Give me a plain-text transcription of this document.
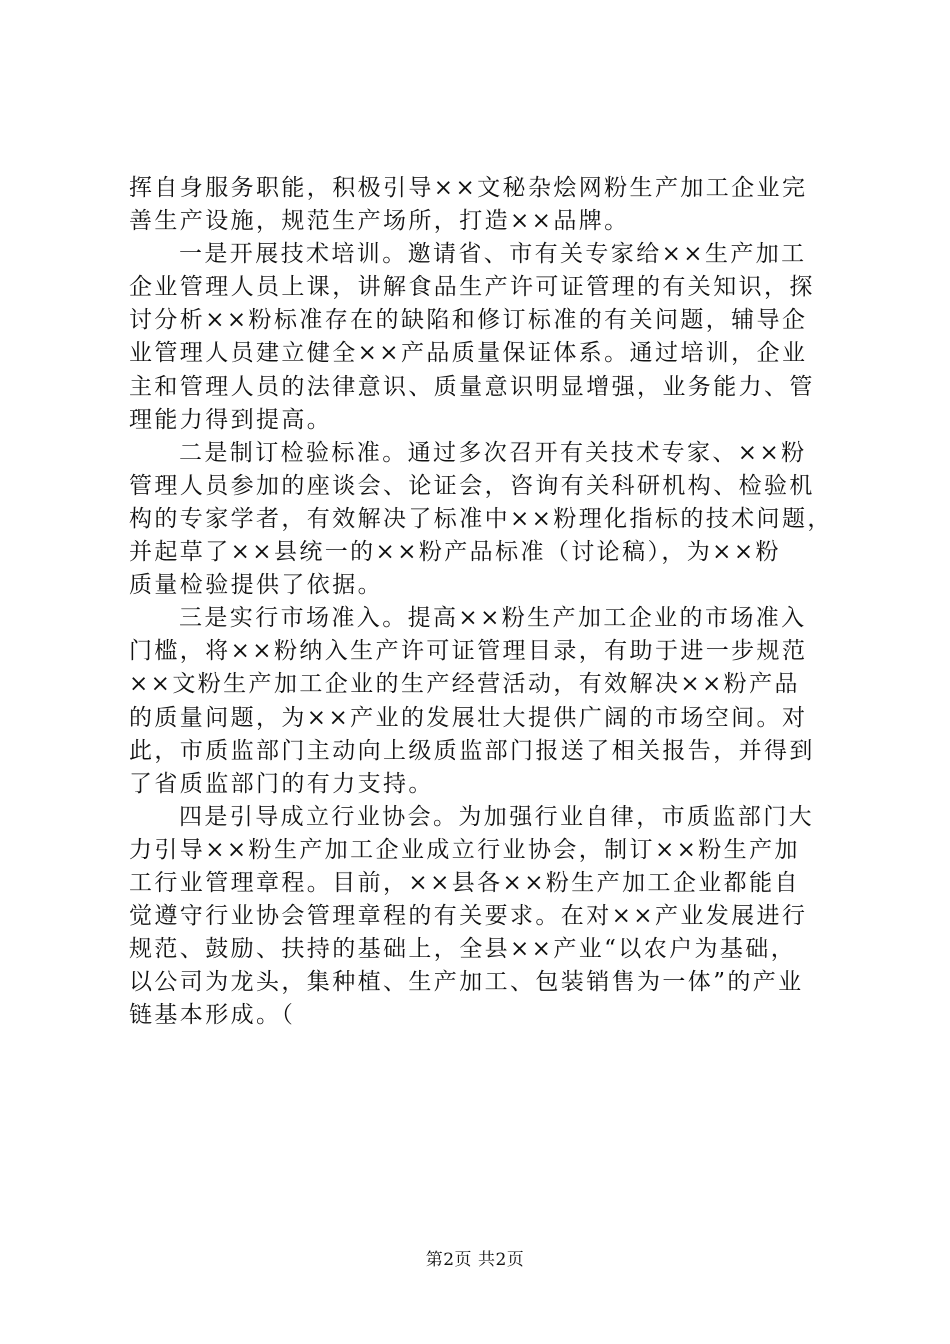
挥自身服务职能，积极引导××文秘杂烩网粉生产加工企业完
善生产设施，规范生产场所，打造××品牌。
一是开展技术培训。邀请省、市有关专家给××生产加工
企业管理人员上课，讲解食品生产许可证管理的有关知识，探
讨分析××粉标准存在的缺陷和修订标准的有关问题，辅导企
业管理人员建立健全××产品质量保证体系。通过培训，企业
主和管理人员的法律意识、质量意识明显增强，业务能力、管
理能力得到提高。
二是制订检验标准。通过多次召开有关技术专家、××粉
管理人员参加的座谈会、论证会，咨询有关科研机构、检验机
构的专家学者，有效解决了标准中××粉理化指标的技术问题，
并起草了××县统一的××粉产品标准（讨论稿），为××粉
质量检验提供了依据。
三是实行市场准入。提高××粉生产加工企业的市场准入
门槛，将××粉纳入生产许可证管理目录，有助于进一步规范
××文粉生产加工企业的生产经营活动，有效解决××粉产品
的质量问题，为××产业的发展壮大提供广阔的市场空间。对
此，市质监部门主动向上级质监部门报送了相关报告，并得到
了省质监部门的有力支持。
四是引导成立行业协会。为加强行业自律，市质监部门大
力引导××粉生产加工企业成立行业协会，制订××粉生产加
工行业管理章程。目前，××县各××粉生产加工企业都能自
觉遵守行业协会管理章程的有关要求。在对××产业发展进行
规范、鼓励、扶持的基础上，全县××产业“以农户为基础，
以公司为龙头，集种植、生产加工、包装销售为一体”的产业
链基本形成。（
第2页 共2页
